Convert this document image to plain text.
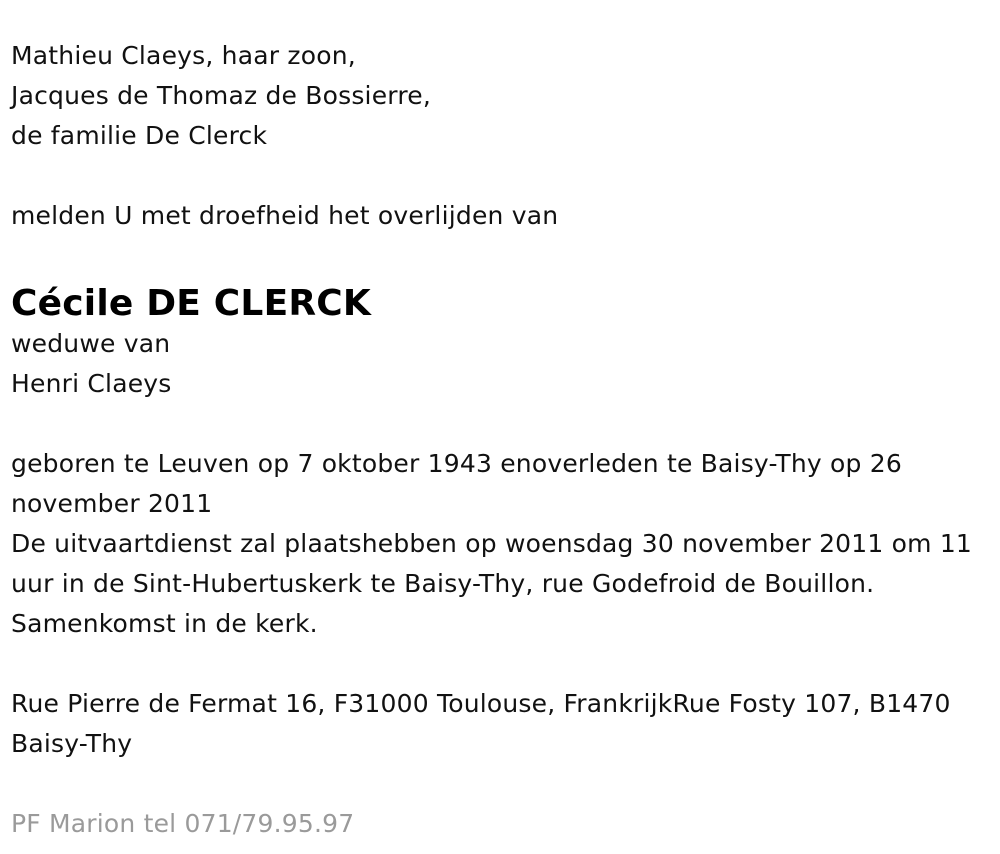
Mathieu Claeys, haar zoon,
Jacques de Thomaz de Bossierre,
de familie De Clerck
melden U met droefheid het overlijden van
Cécile DE CLERCK
weduwe van
Henri Claeys
geboren te Leuven op 7 oktober 1943 enoverleden te Baisy-Thy op 26 november 2011
De uitvaartdienst zal plaatshebben op woensdag 30 november 2011 om 11 uur in de Sint-Hubertuskerk te Baisy-Thy, rue Godefroid de Bouillon.
Samenkomst in de kerk.
Rue Pierre de Fermat 16, F31000 Toulouse, FrankrijkRue Fosty 107, B1470 Baisy-Thy
PF Marion tel 071/79.95.97
